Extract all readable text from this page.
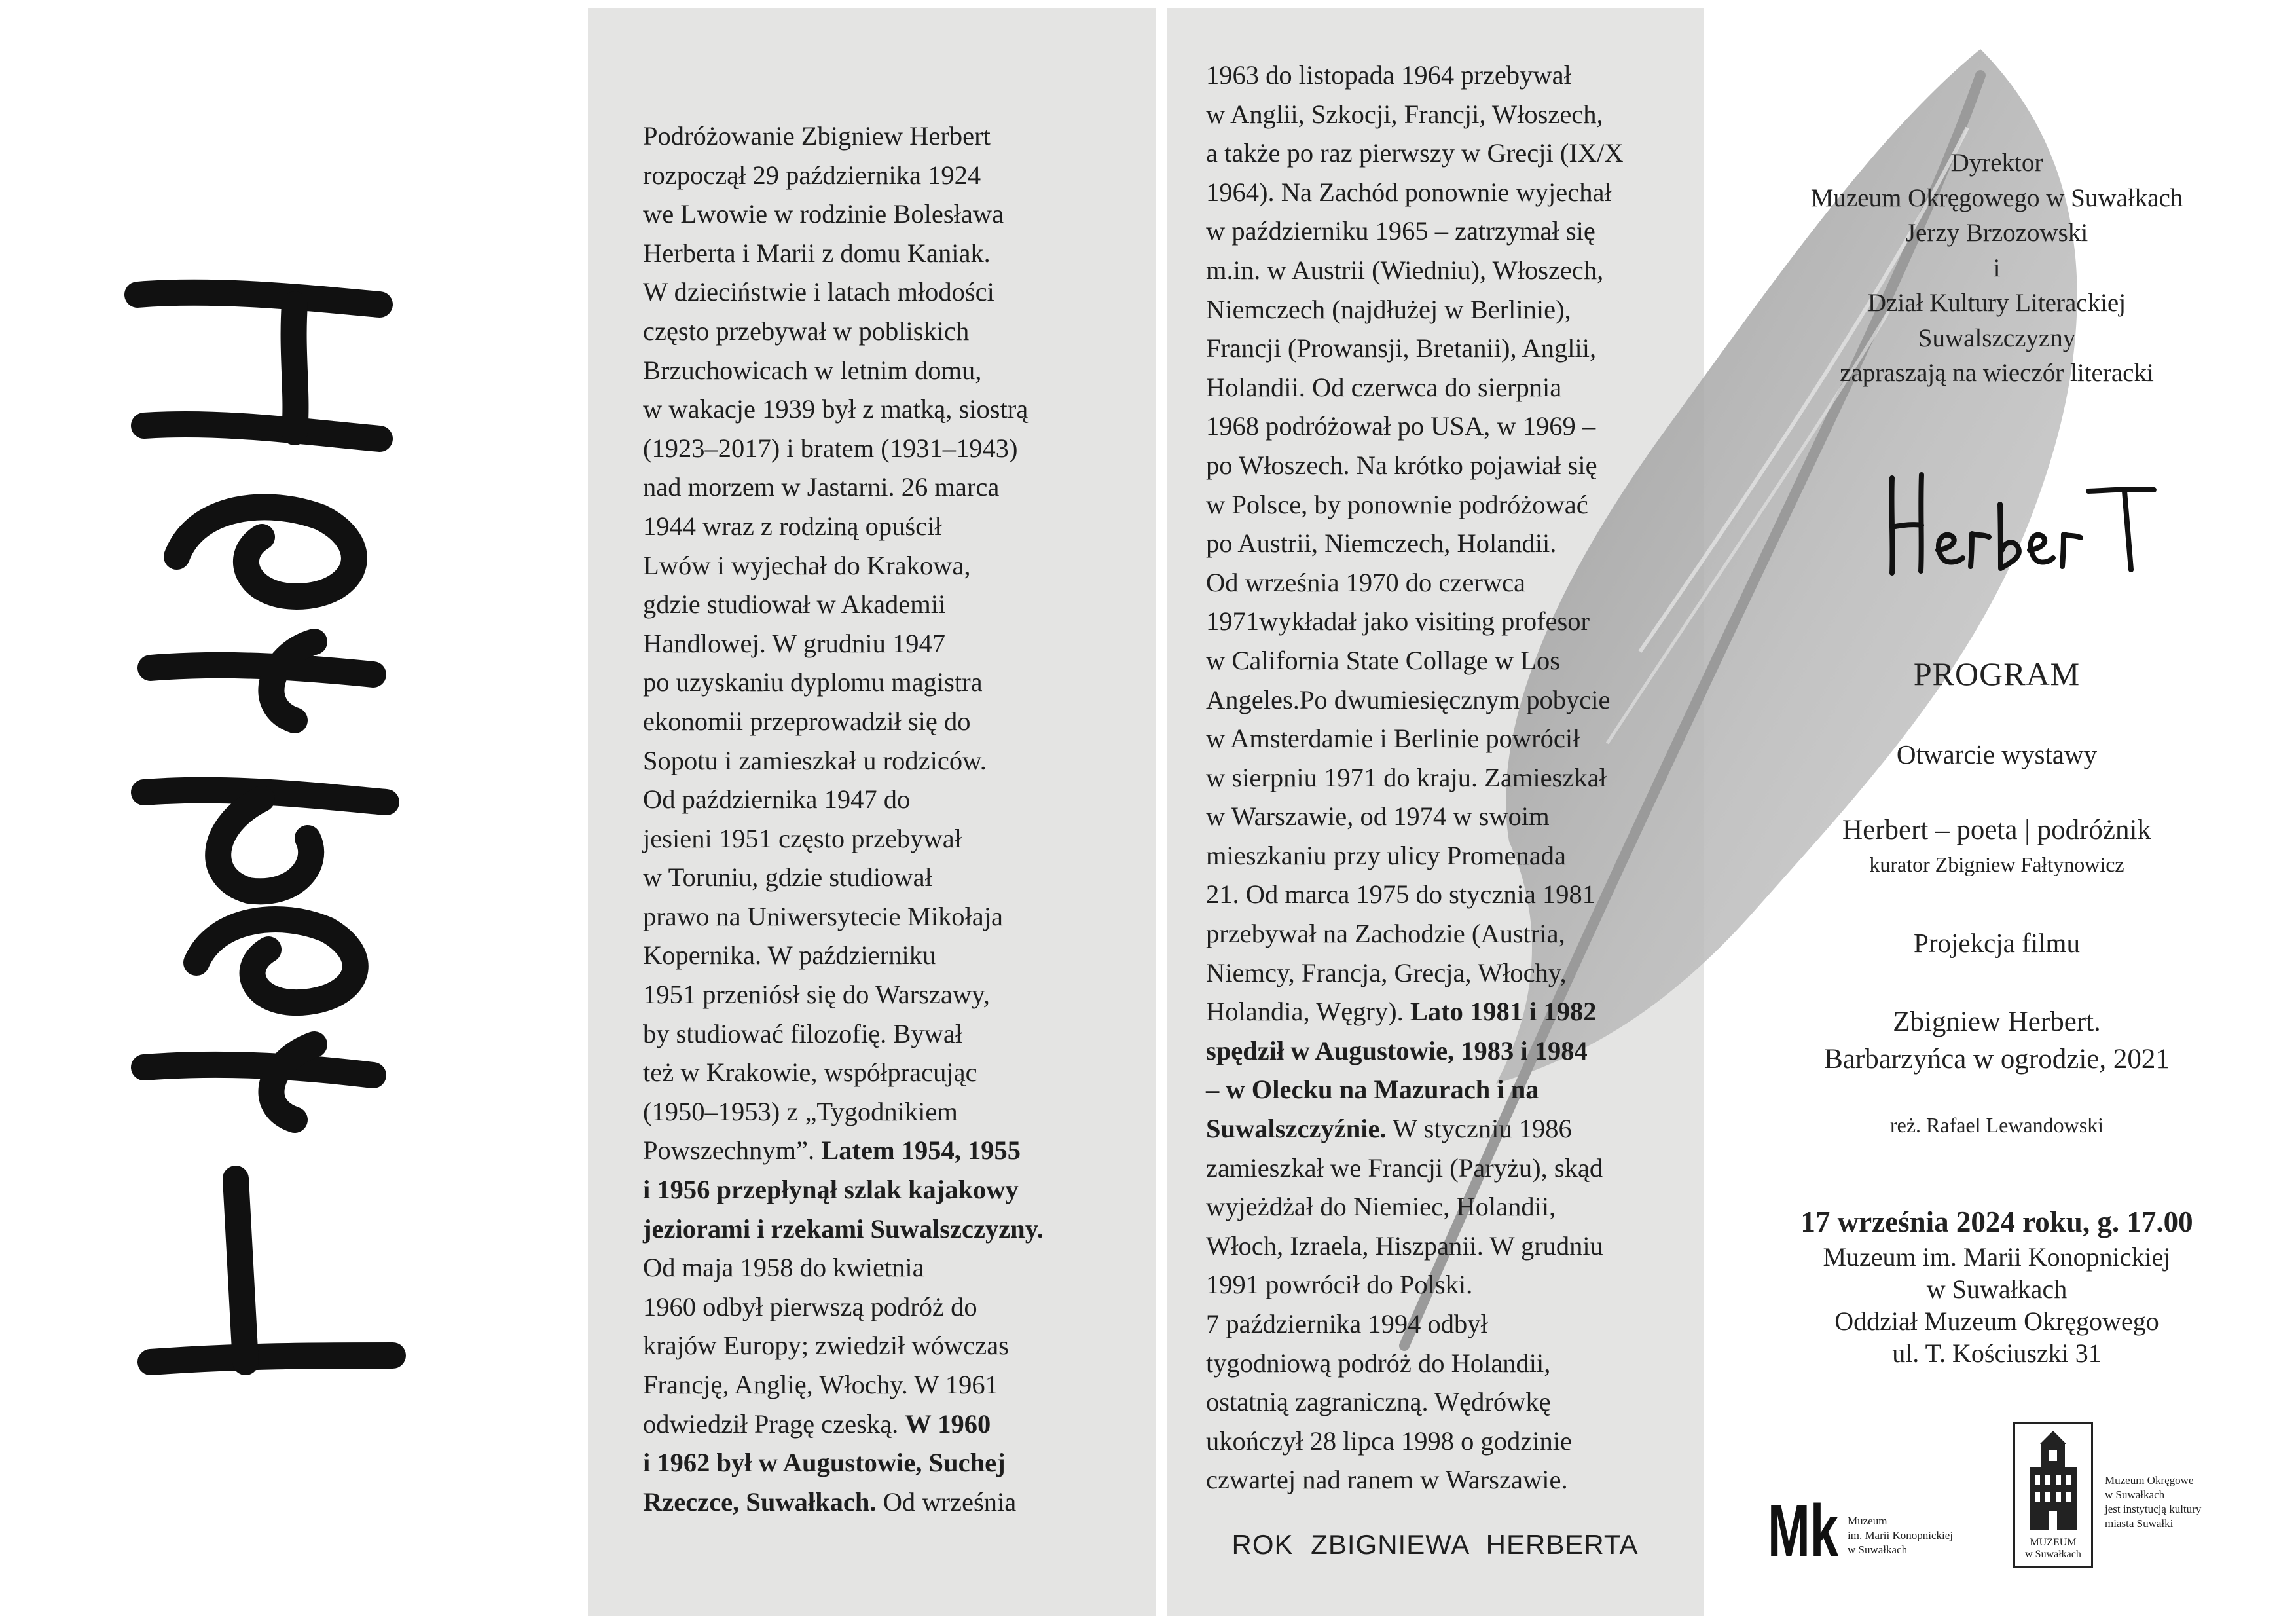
Podróżowanie Zbigniew Herbert
rozpoczął 29 października 1924
we Lwowie w rodzinie Bolesława
Herberta i Marii z domu Kaniak.
W dzieciństwie i latach młodości
często przebywał w pobliskich
Brzuchowicach w letnim domu,
w wakacje 1939 był z matką, siostrą
(1923–2017) i bratem (1931–1943)
nad morzem w Jastarni. 26 marca
1944 wraz z rodziną opuścił
Lwów i wyjechał do Krakowa,
gdzie studiował w Akademii
Handlowej. W grudniu 1947
po uzyskaniu dyplomu magistra
ekonomii przeprowadził się do
Sopotu i zamieszkał u rodziców.
Od października 1947 do
jesieni 1951 często przebywał
w Toruniu, gdzie studiował
prawo na Uniwersytecie Mikołaja
Kopernika. W październiku
1951 przeniósł się do Warszawy,
by studiować filozofię. Bywał
też w Krakowie, współpracując
(1950–1953) z „Tygodnikiem
Powszechnym”. Latem 1954, 1955
i 1956 przepłynął szlak kajakowy
jeziorami i rzekami Suwalszczyzny.
Od maja 1958 do kwietnia
1960 odbył pierwszą podróż do
krajów Europy; zwiedził wówczas
Francję, Anglię, Włochy. W 1961
odwiedził Pragę czeską. W 1960
i 1962 był w Augustowie, Suchej
Rzeczce, Suwałkach. Od września

1963 do listopada 1964 przebywał
w Anglii, Szkocji, Francji, Włoszech,
a także po raz pierwszy w Grecji (IX/X
1964). Na Zachód ponownie wyjechał
w październiku 1965 – zatrzymał się
m.in. w Austrii (Wiedniu), Włoszech,
Niemczech (najdłużej w Berlinie),
Francji (Prowansji, Bretanii), Anglii,
Holandii. Od czerwca do sierpnia
1968 podróżował po USA, w 1969 –
po Włoszech. Na krótko pojawiał się
w Polsce, by ponownie podróżować
po Austrii, Niemczech, Holandii.
Od września 1970 do czerwca
1971wykładał jako visiting profesor
w California State Collage w Los
Angeles.Po dwumiesięcznym pobycie
w Amsterdamie i Berlinie powrócił
w sierpniu 1971 do kraju. Zamieszkał
w Warszawie, od 1974 w swoim
mieszkaniu przy ulicy Promenada
21. Od marca 1975 do stycznia 1981
przebywał na Zachodzie (Austria,
Niemcy, Francja, Grecja, Włochy,
Holandia, Węgry). Lato 1981 i 1982
spędził w Augustowie, 1983 i 1984
– w Olecku na Mazurach i na
Suwalszczyźnie. W styczniu 1986
zamieszkał we Francji (Paryżu), skąd
wyjeżdżał do Niemiec, Holandii,
Włoch, Izraela, Hiszpanii. W grudniu
1991 powrócił do Polski.
7 października 1994 odbył
tygodniową podróż do Holandii,
ostatnią zagraniczną. Wędrówkę
ukończył 28 lipca 1998 o godzinie
czwartej nad ranem w Warszawie.

ROK ZBIGNIEWA HERBERTA
Dyrektor
Muzeum Okręgowego w Suwałkach
Jerzy Brzozowski
i
Dział Kultury Literackiej
Suwalszczyzny
zapraszają na wieczór literacki
PROGRAM
Otwarcie wystawy
Herbert – poeta | podróżnik
kurator Zbigniew Fałtynowicz
Projekcja filmu
Zbigniew Herbert.
Barbarzyńca w ogrodzie, 2021
reż. Rafael Lewandowski
17 września 2024 roku, g. 17.00
Muzeum im. Marii Konopnickiej
w Suwałkach
Oddział Muzeum Okręgowego
ul. T. Kościuszki 31
Mk Muzeum
im. Marii Konopnickiej
w Suwałkach
MUZEUM
w Suwałkach
Muzeum Okręgowe
w Suwałkach
jest instytucją kultury
miasta Suwałki
